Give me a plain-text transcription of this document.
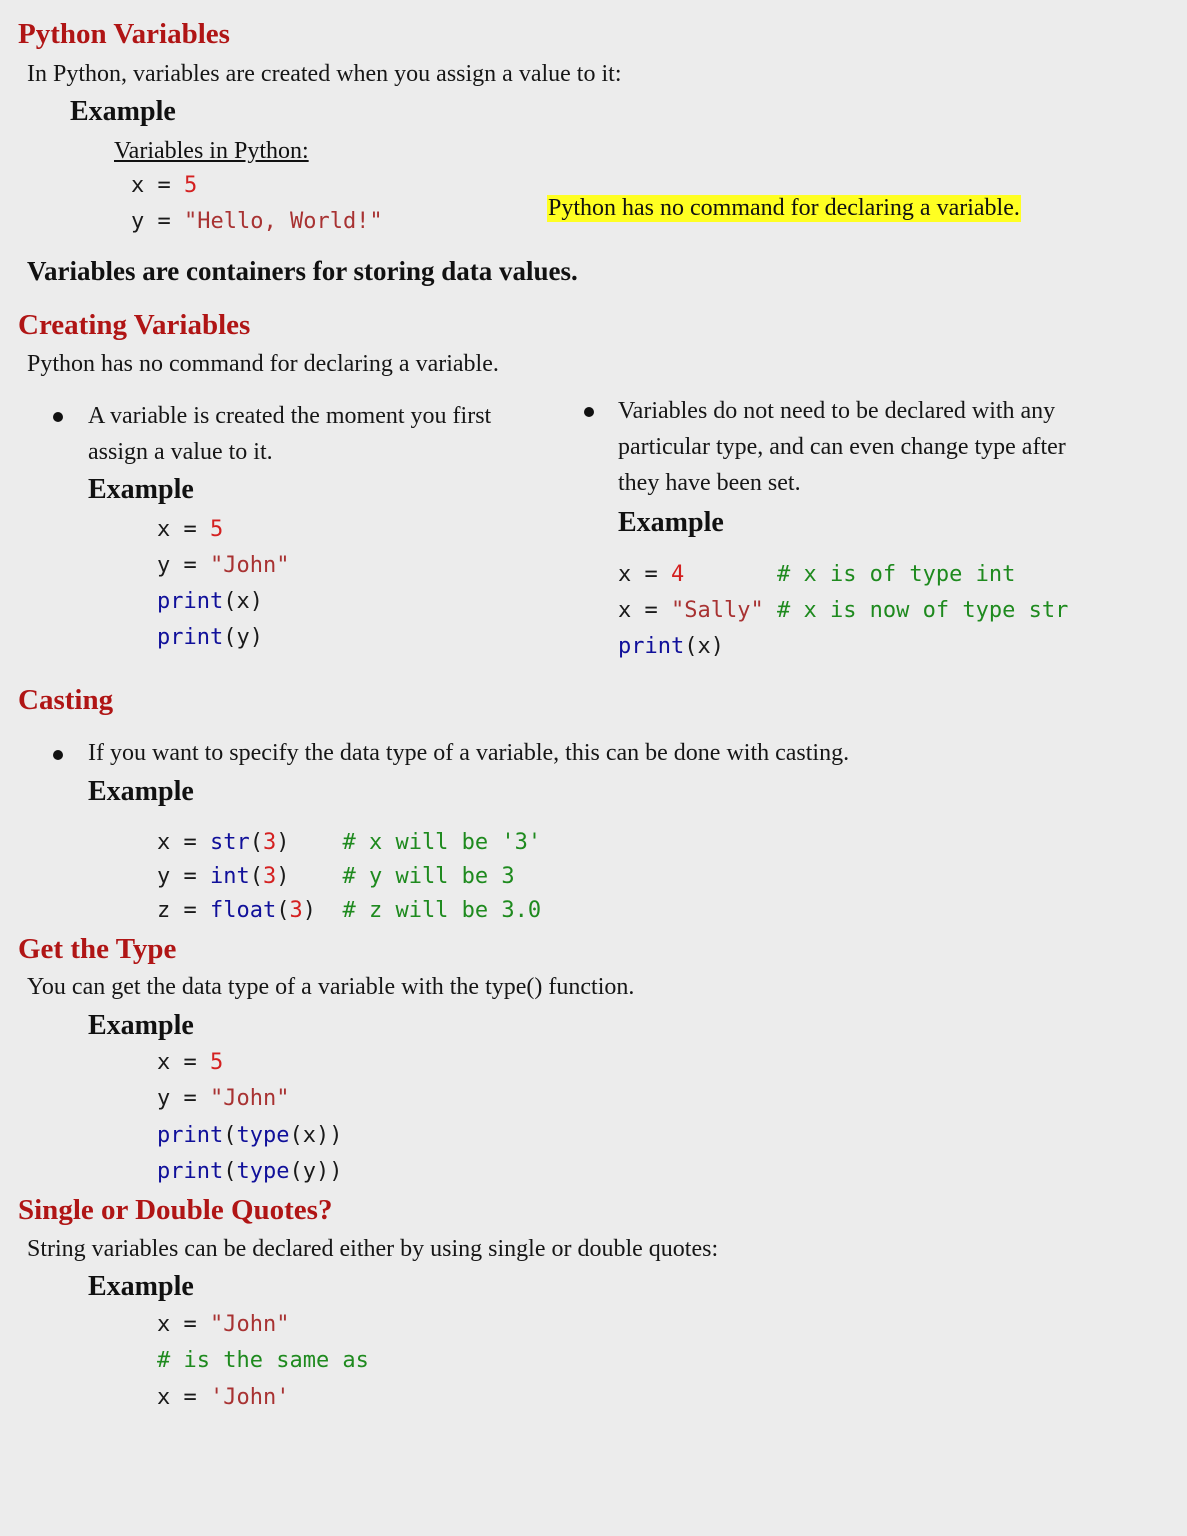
Python Variables
In Python, variables are created when you assign a value to it:
Example
Variables in Python:
x = 5
y = "Hello, World!"
Python has no command for declaring a variable.
Variables are containers for storing data values.
Creating Variables
Python has no command for declaring a variable.
A variable is created the moment you first
assign a value to it.
Example
x = 5
y = "John"
print(x)
print(y)
Variables do not need to be declared with any
particular type, and can even change type after
they have been set.
Example
x = 4	# x is of type int
x = "Sally" # x is now of type str
print(x)
Casting
If you want to specify the data type of a variable, this can be done with casting.
Example
x = str(3) # x will be '3'
y = int(3) # y will be 3
z = float(3) # z will be 3.0
Get the Type
You can get the data type of a variable with the type() function.
Example
x = 5
y = "John"
print(type(x))
print(type(y))
Single or Double Quotes?
String variables can be declared either by using single or double quotes:
Example
x = "John"
# is the same as
x = 'John'
